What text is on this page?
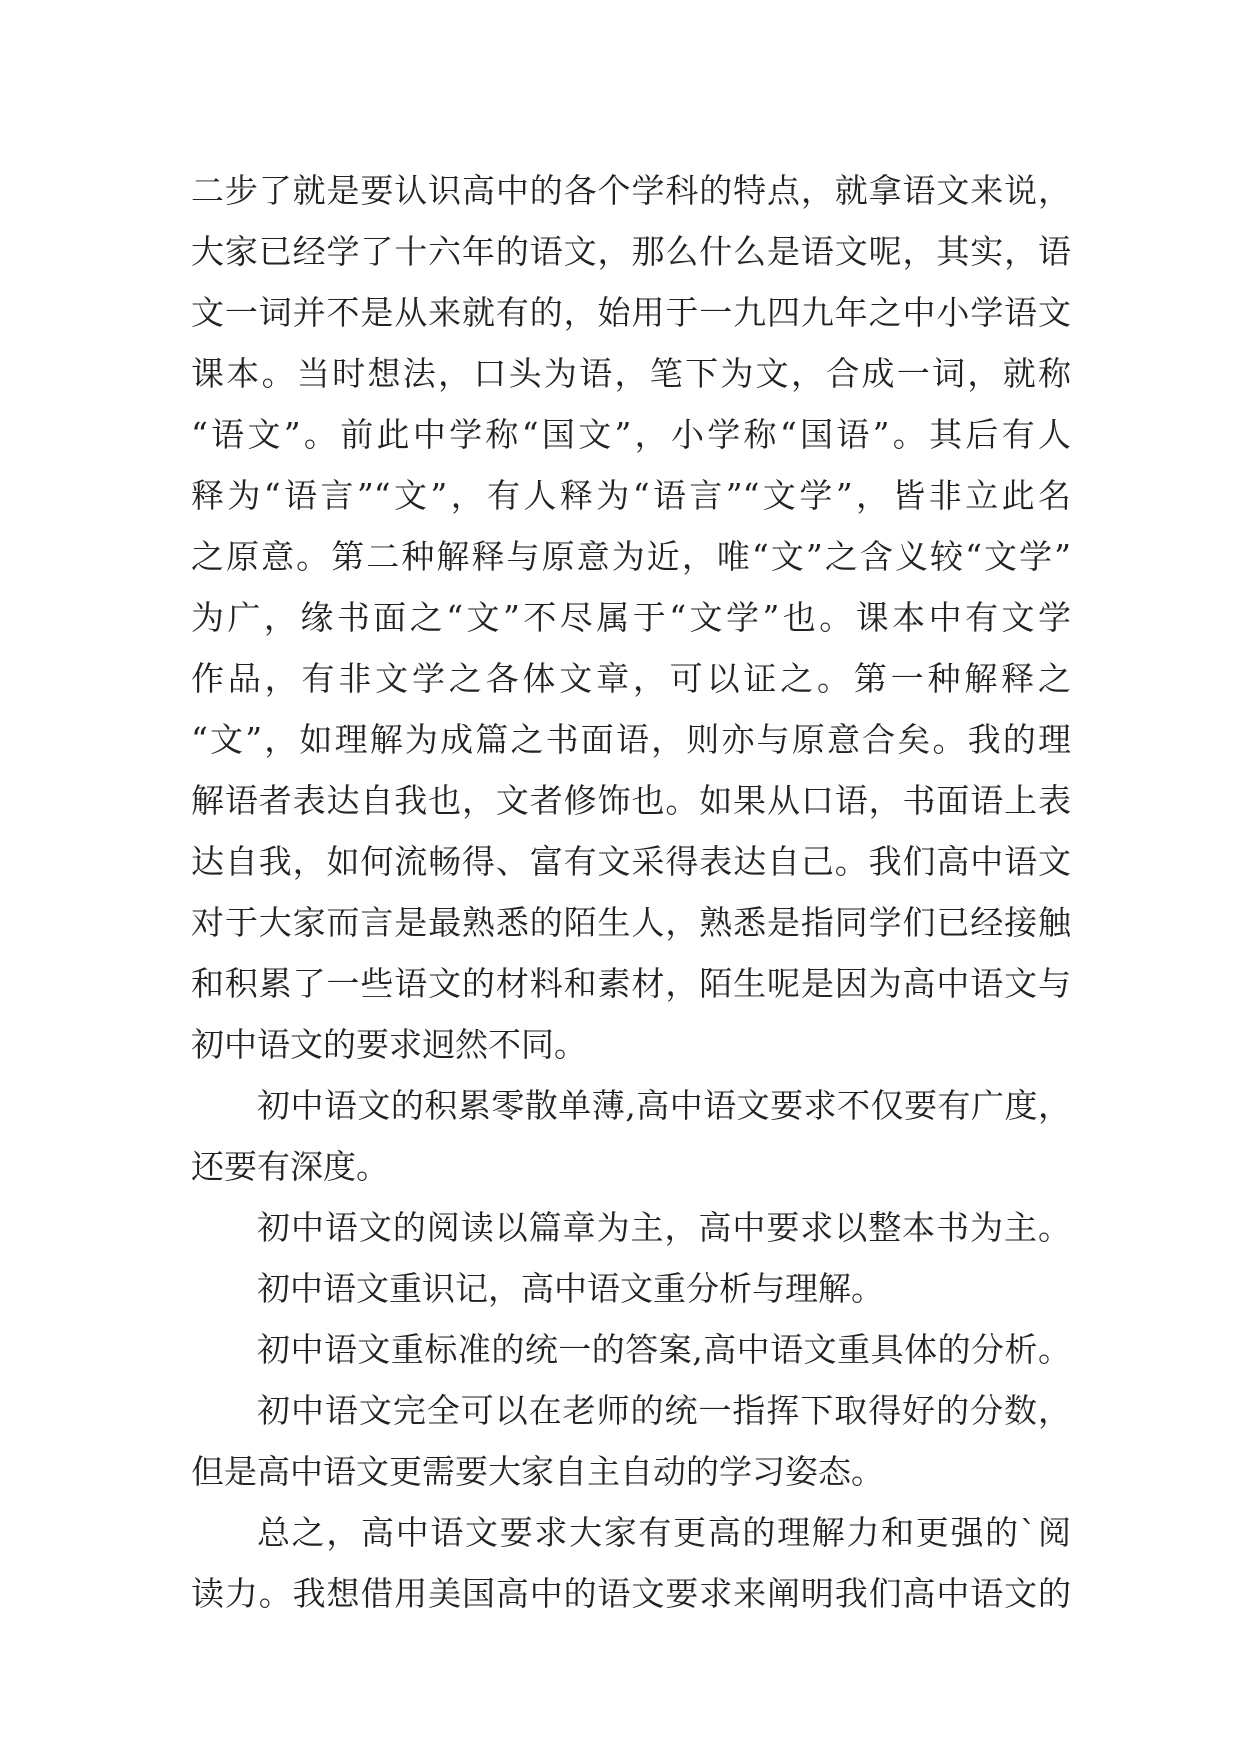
二步了就是要认识高中的各个学科的特点，就拿语文来说，
大家已经学了十六年的语文，那么什么是语文呢，其实，语
文一词并不是从来就有的，始用于一九四九年之中小学语文
课本。当时想法，口头为语，笔下为文，合成一词，就称
“语文”。前此中学称“国文”，小学称“国语”。其后有人
释为“语言”“文”，有人释为“语言”“文学”，皆非立此名
之原意。第二种解释与原意为近，唯“文”之含义较“文学”
为广，缘书面之“文”不尽属于“文学”也。课本中有文学
作品，有非文学之各体文章，可以证之。第一种解释之
“文”，如理解为成篇之书面语，则亦与原意合矣。我的理
解语者表达自我也，文者修饰也。如果从口语，书面语上表
达自我，如何流畅得、富有文采得表达自己。我们高中语文
对于大家而言是最熟悉的陌生人，熟悉是指同学们已经接触
和积累了一些语文的材料和素材，陌生呢是因为高中语文与
初中语文的要求迥然不同。
初中语文的积累零散单薄,高中语文要求不仅要有广度，
还要有深度。
初中语文的阅读以篇章为主，高中要求以整本书为主。
初中语文重识记，高中语文重分析与理解。
初中语文重标准的统一的答案,高中语文重具体的分析。
初中语文完全可以在老师的统一指挥下取得好的分数，
但是高中语文更需要大家自主自动的学习姿态。
总之，高中语文要求大家有更高的理解力和更强的`阅
读力。我想借用美国高中的语文要求来阐明我们高中语文的
